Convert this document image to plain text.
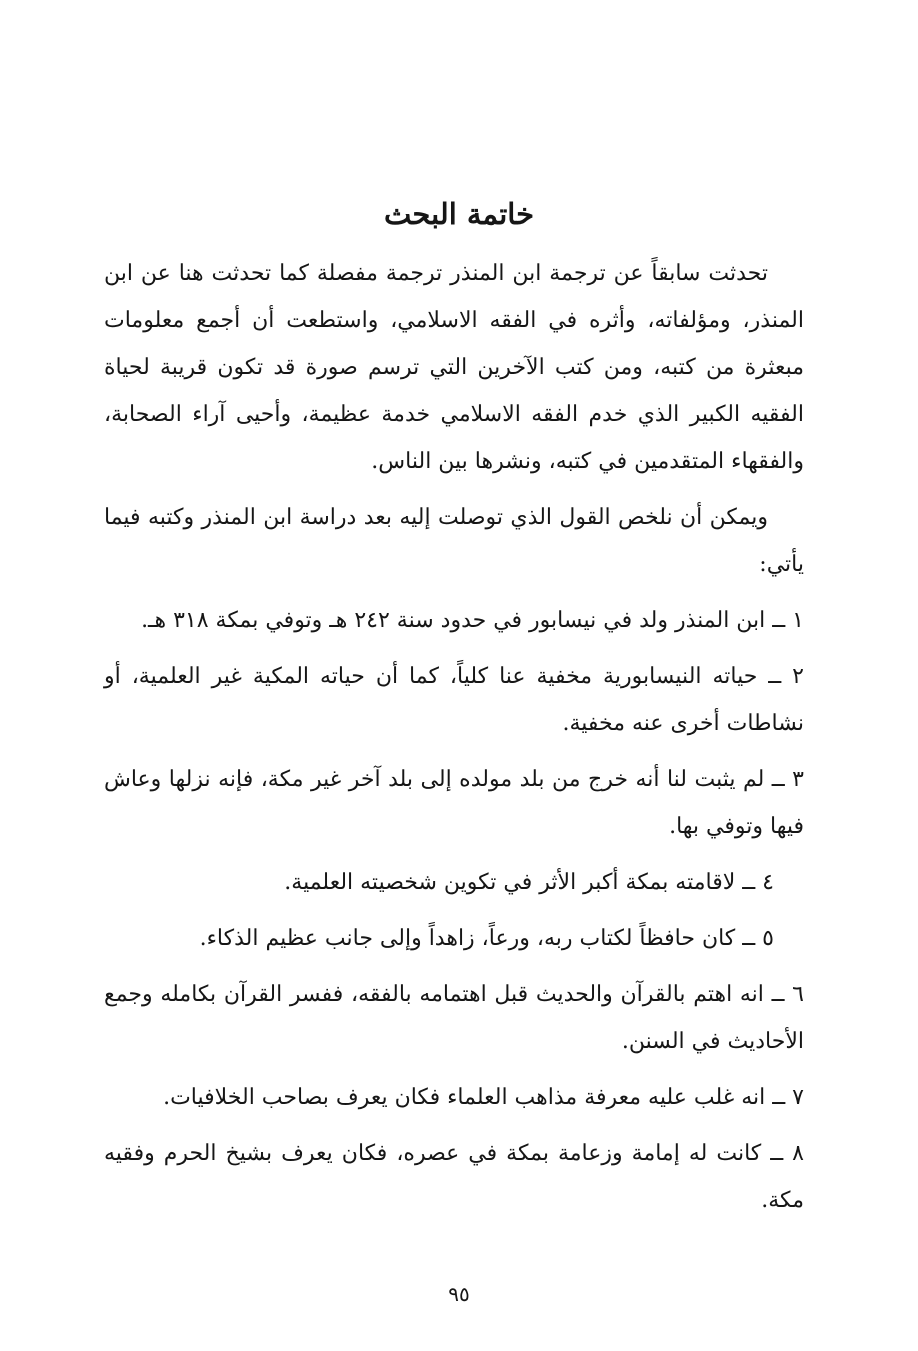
خاتمة البحث

تحدثت سابقاً عن ترجمة ابن المنذر ترجمة مفصلة كما تحدثت هنا عن ابن المنذر، ومؤلفاته، وأثره في الفقه الاسلامي، واستطعت أن أجمع معلومات مبعثرة من كتبه، ومن كتب الآخرين التي ترسم صورة قد تكون قريبة لحياة الفقيه الكبير الذي خدم الفقه الاسلامي خدمة عظيمة، وأحيى آراء الصحابة، والفقهاء المتقدمين في كتبه، ونشرها بين الناس.

ويمكن أن نلخص القول الذي توصلت إليه بعد دراسة ابن المنذر وكتبه فيما يأتي:

١ ــ ابن المنذر ولد في نيسابور في حدود سنة ٢٤٢ هـ وتوفي بمكة ٣١٨ هـ.

٢ ــ حياته النيسابورية مخفية عنا كلياً، كما أن حياته المكية غير العلمية، أو نشاطات أخرى عنه مخفية.

٣ ــ لم يثبت لنا أنه خرج من بلد مولده إلى بلد آخر غير مكة، فإنه نزلها وعاش فيها وتوفي بها.

٤ ــ لاقامته بمكة أكبر الأثر في تكوين شخصيته العلمية.

٥ ــ كان حافظاً لكتاب ربه، ورعاً، زاهداً وإلى جانب عظيم الذكاء.

٦ ــ انه اهتم بالقرآن والحديث قبل اهتمامه بالفقه، ففسر القرآن بكامله وجمع الأحاديث في السنن.

٧ ــ انه غلب عليه معرفة مذاهب العلماء فكان يعرف بصاحب الخلافيات.

٨ ــ كانت له إمامة وزعامة بمكة في عصره، فكان يعرف بشيخ الحرم وفقيه مكة.

٩٥
